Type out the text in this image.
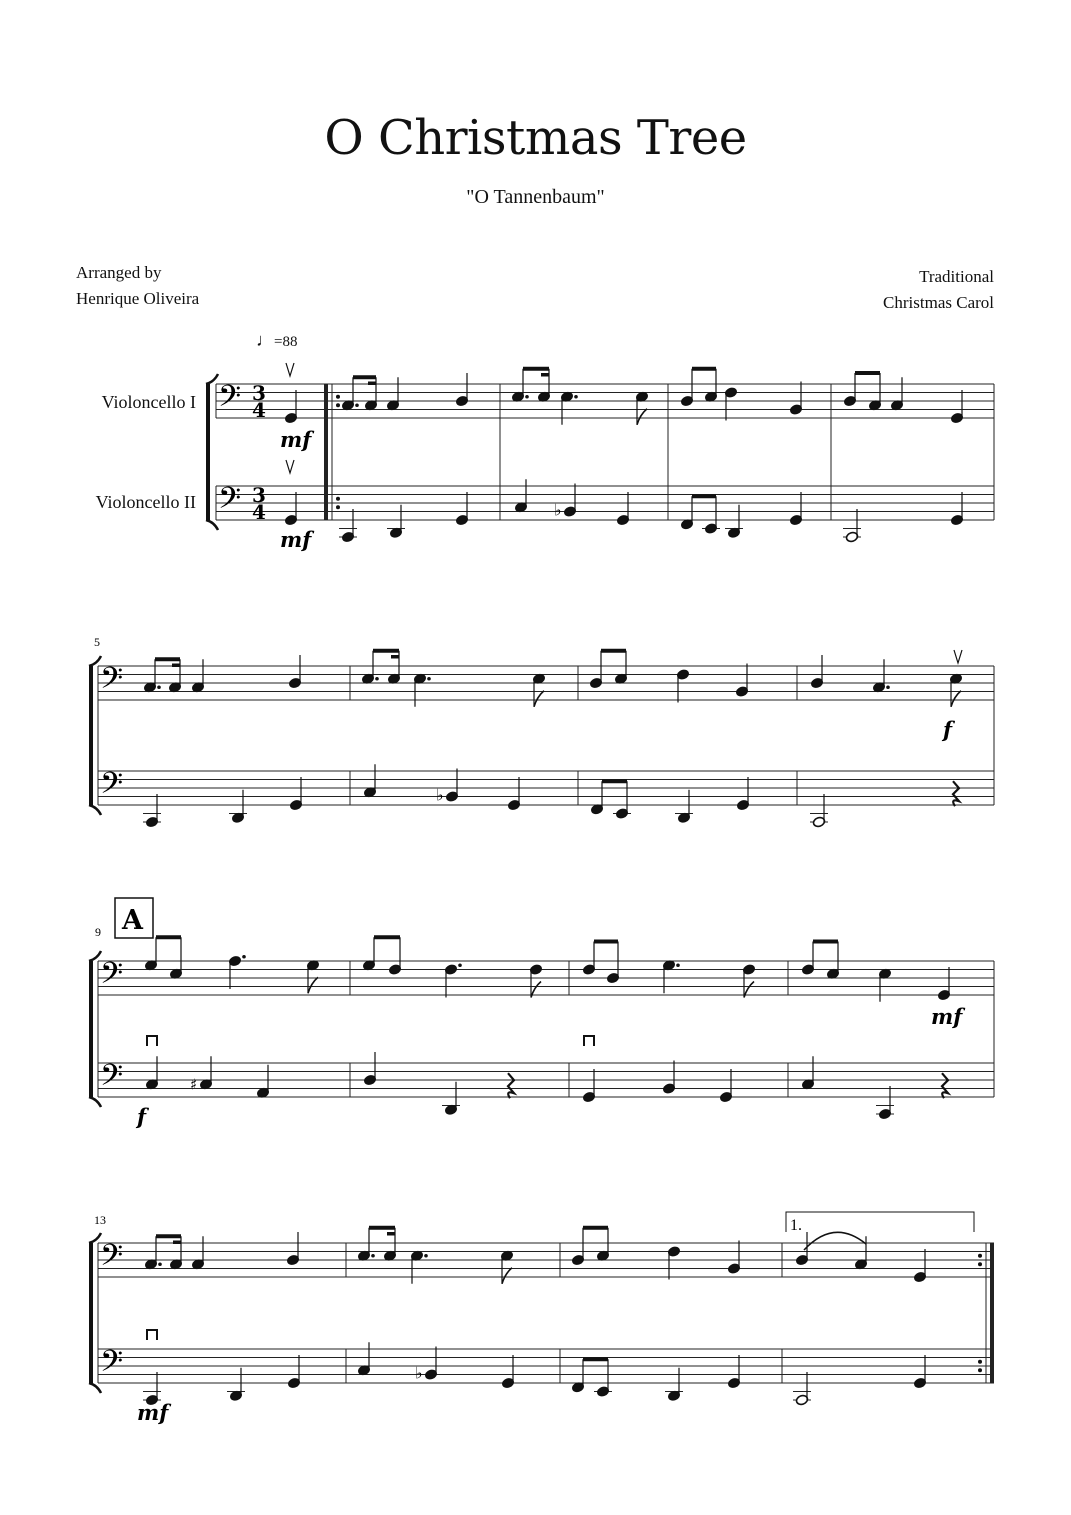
O Christmas Tree
"O Tannenbaum"
Arranged by
Henrique Oliveira
Traditional
Christmas Carol
♩=88
Violoncello I
Violoncello II
𝄢
𝄢
3
4
3
4
mf
mf
♭
5
𝄢
𝄢	♭
f
9 A
𝄢
𝄢	♯
f
mf
13
𝄢
𝄢
1.
mf
♭
